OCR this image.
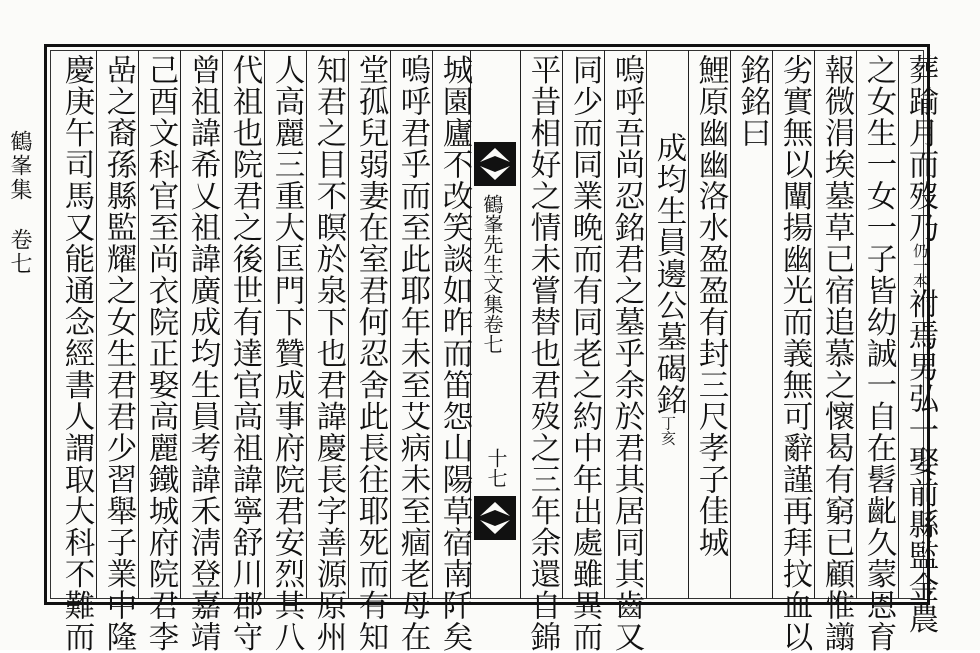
鶴峯集卷七
葬踰月而歿乃仍一本祔焉男弘一娶前縣監金農
之女生一女一子皆幼誠一自在髫齔久蒙恩育
報微涓埃墓草已宿追慕之懷曷有窮已顧惟譾
劣實無以闡揚幽光而義無可辭謹再拜抆血以
銘銘曰
鯉原幽幽洛水盈盈有封三尺孝子佳城
成均生員邊公墓碣銘丁亥
嗚呼吾尚忍銘君之墓乎余於君其居同其齒又
同少而同業晩而有同老之約中年出處雖異而
平昔相好之情未嘗替也君歿之三年余還自錦
鶴峯先生文集卷七
十七
城園廬不改笑談如昨而笛怨山陽草宿南阡矣
嗚呼君乎而至此耶年未至艾病未至痼老母在
堂孤兒弱妻在室君何忍舍此長往耶死而有知
知君之目不瞑於泉下也君諱慶長字善源原州
人高麗三重大匡門下贊成事府院君安烈其八
代祖也院君之後世有達官高祖諱寧舒川郡守
曾祖諱希乂祖諱廣成均生員考諱禾淸登嘉靖
己酉文科官至尚衣院正娶高麗鐵城府院君李
嵒之裔孫縣監耀之女生君君少習舉子業中隆
慶庚午司馬又能通念經書人謂取大科不難而
